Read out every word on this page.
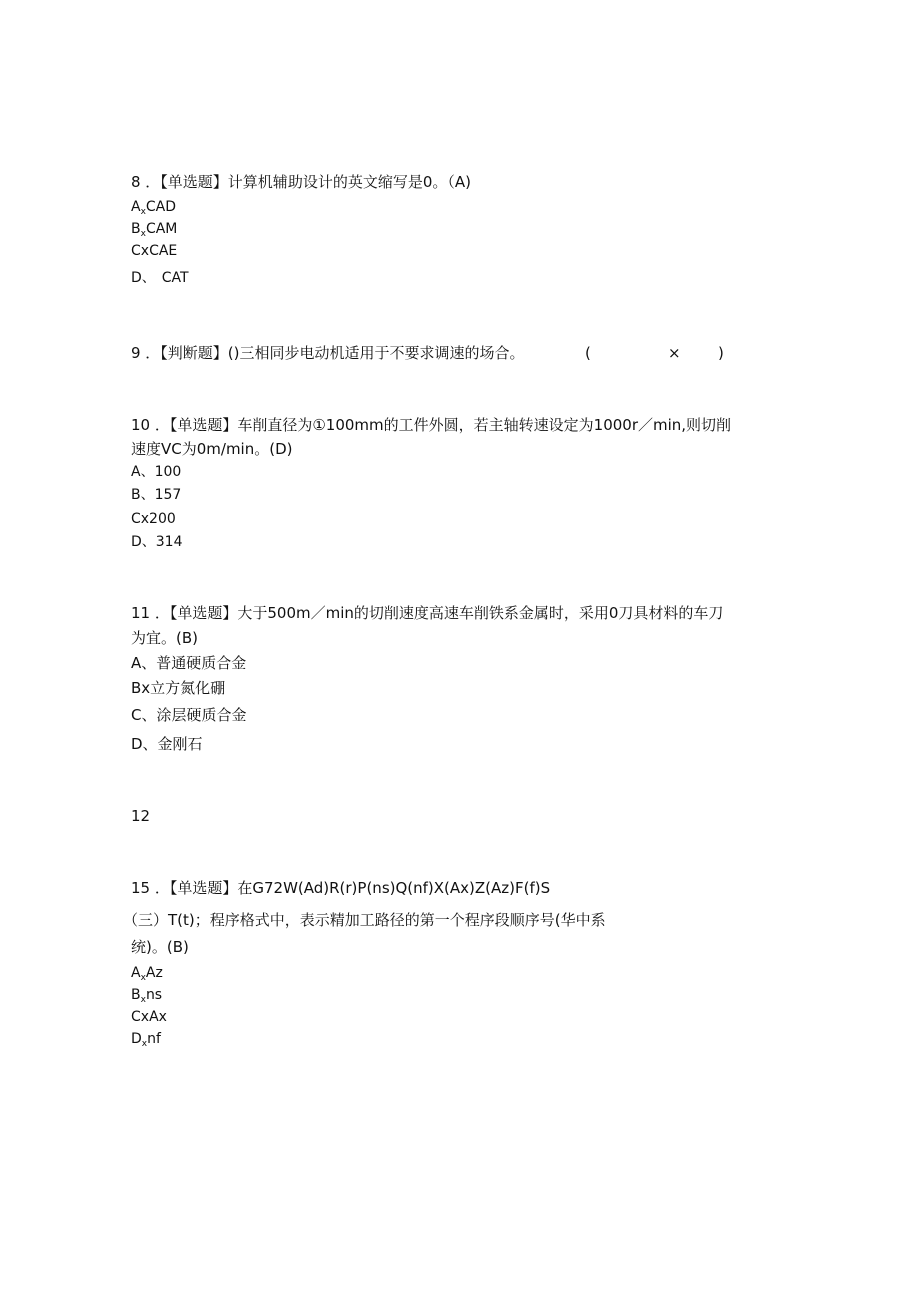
8 ．【单选题】计算机辅助设计的英文缩写是0。（A)
$A_xCAD$
$B_xCAM$
CxCAE
D、 CAT
9 ．【判断题】()三相同步电动机适用于不要求调速的场合。	(	× )
10 ．【单选题】车削直径为①100mm的工件外圆，若主轴转速设定为1000r／min,则切削
速度VC为0m/min。(D)
A、100
B、157
Cx200
D、314
11 ．【单选题】大于500m／min的切削速度高速车削铁系金属时，采用0刀具材料的车刀
为宜。(B)
A、普通硬质合金
Bx立方氮化硼
C、涂层硬质合金
D、金刚石
12
15 ．【单选题】在G72W(Ad)R(r)P(ns)Q(nf)X(Ax)Z(Az)F(f)S
（三）T(t)；程序格式中，表示精加工路径的第一个程序段顺序号(华中系
统)。(B)
$A_xAz$
$B_xns$
CxAx
$D_xnf$
